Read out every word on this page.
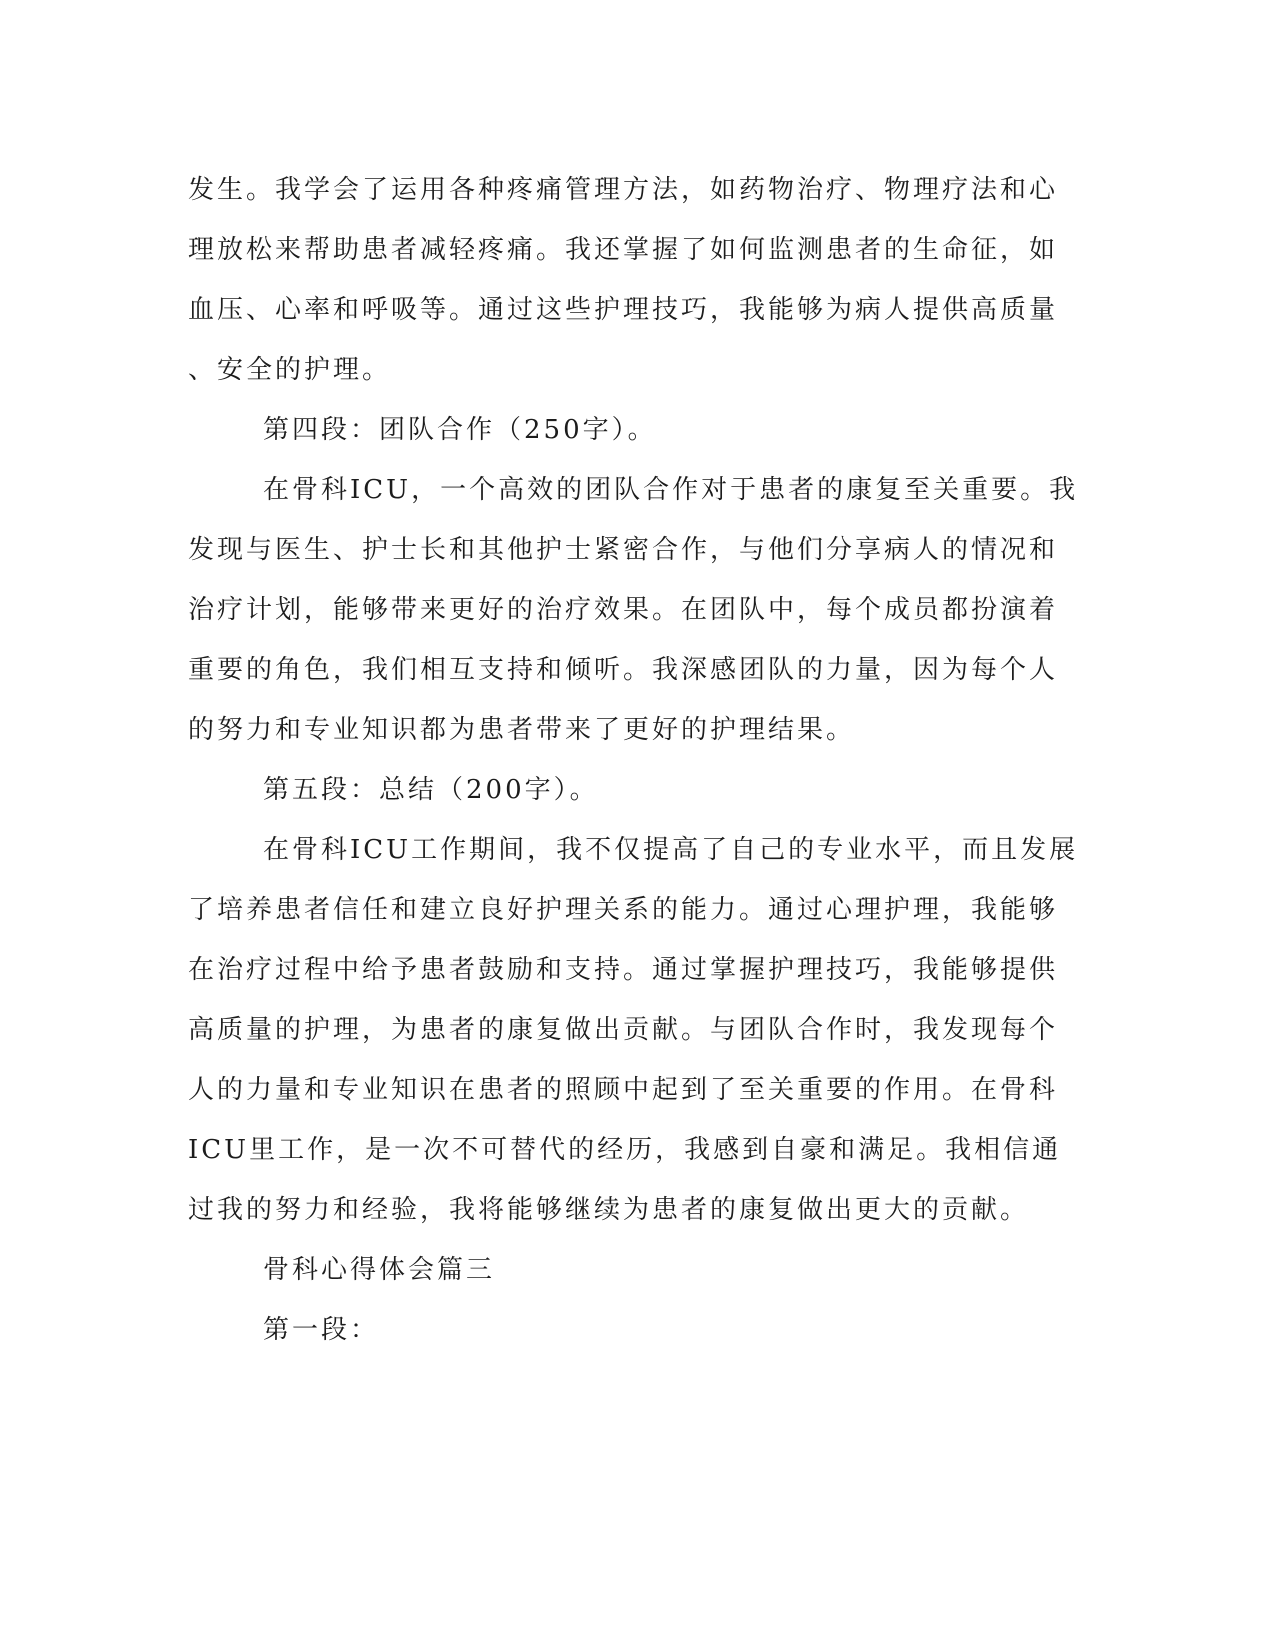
发生。我学会了运用各种疼痛管理方法，如药物治疗、物理疗法和心
理放松来帮助患者减轻疼痛。我还掌握了如何监测患者的生命征，如
血压、心率和呼吸等。通过这些护理技巧，我能够为病人提供高质量
、安全的护理。
第四段：团队合作（250字）。
在骨科ICU，一个高效的团队合作对于患者的康复至关重要。我
发现与医生、护士长和其他护士紧密合作，与他们分享病人的情况和
治疗计划，能够带来更好的治疗效果。在团队中，每个成员都扮演着
重要的角色，我们相互支持和倾听。我深感团队的力量，因为每个人
的努力和专业知识都为患者带来了更好的护理结果。
第五段：总结（200字）。
在骨科ICU工作期间，我不仅提高了自己的专业水平，而且发展
了培养患者信任和建立良好护理关系的能力。通过心理护理，我能够
在治疗过程中给予患者鼓励和支持。通过掌握护理技巧，我能够提供
高质量的护理，为患者的康复做出贡献。与团队合作时，我发现每个
人的力量和专业知识在患者的照顾中起到了至关重要的作用。在骨科
ICU里工作，是一次不可替代的经历，我感到自豪和满足。我相信通
过我的努力和经验，我将能够继续为患者的康复做出更大的贡献。
骨科心得体会篇三
第一段：
